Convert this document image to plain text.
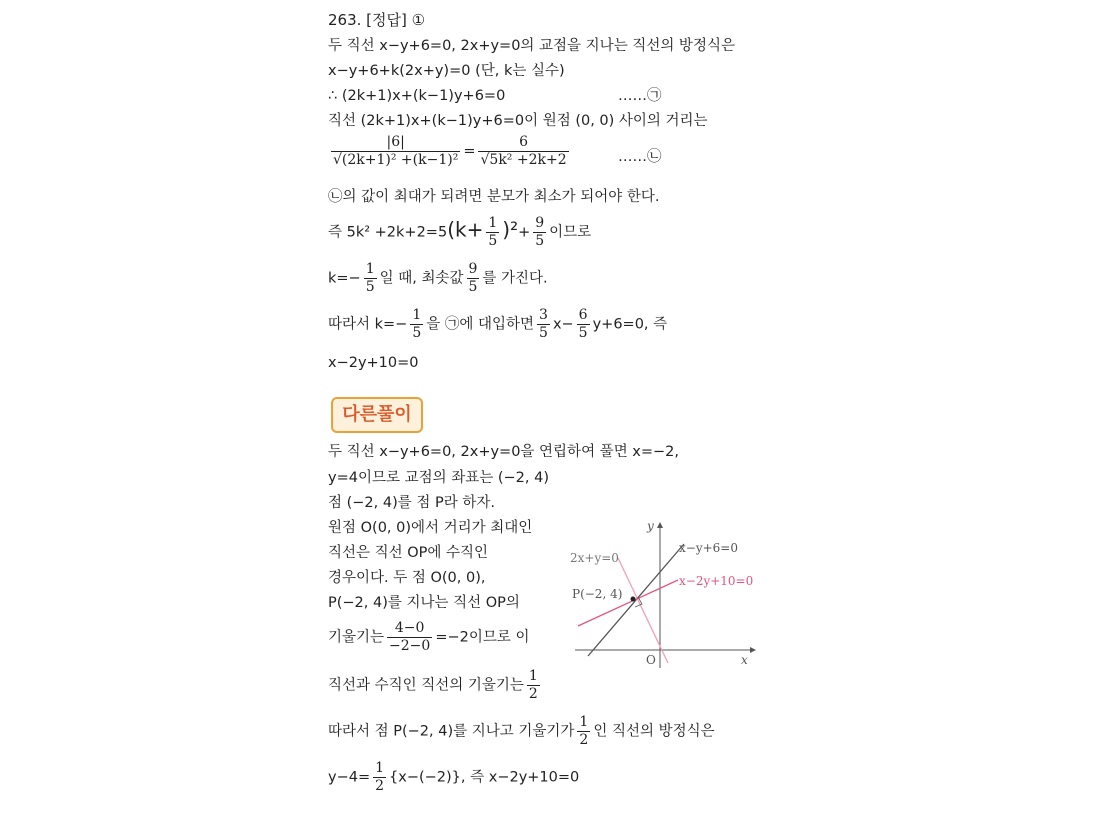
263. [정답] ①
두 직선 x−y+6=0, 2x+y=0의 교점을 지나는 직선의 방정식은
x−y+6+k(2x+y)=0 (단, k는 실수)
∴ (2k+1)x+(k−1)y+6=0	……㉠
직선 (2k+1)x+(k−1)y+6=0이 원점 (0, 0) 사이의 거리는
$\frac{|6|}{\text{√(2k+1)² +(k−1)²}} = \frac{6}{\text{√5k² +2k+2}}$	……㉡
㉡의 값이 최대가 되려면 분모가 최소가 되어야 한다.
즉 $5k^2 +2k+2=5(k+ \frac{1}{5} )^2+ \frac{9}{5}$ 이므로
$k=- \frac{1}{5}$ 일 때, 최솟값 $\frac{9}{5}$ 를 가진다.
따라서 $k=- \frac{1}{5}$ 을 ㉠에 대입하면 $\frac{3}{5} x- \frac{6}{5} y+6=0$, 즉
x−2y+10=0
다른풀이
두 직선 x−y+6=0, 2x+y=0을 연립하여 풀면 x=−2,
y=4이므로 교점의 좌표는 (−2, 4)
점 (−2, 4)를 점 P라 하자.
원점 O(0, 0)에서 거리가 최대인
직선은 직선 OP에 수직인
경우이다. 두 점 O(0, 0),
P(−2, 4)를 지나는 직선 OP의
기울기는 $\frac{4-0}{-2-0} =-2$이므로 이
직선과 수직인 직선의 기울기는 $\frac{1}{2}$
따라서 점 P(−2, 4)를 지나고 기울기가 $\frac{1}{2}$ 인 직선의 방정식은
$y-4= \frac{1}{2} \{x-(-2)\}$, 즉 x−2y+10=0
y
x
O
2x+y=0
x−y+6=0
x−2y+10=0
P(−2, 4)
